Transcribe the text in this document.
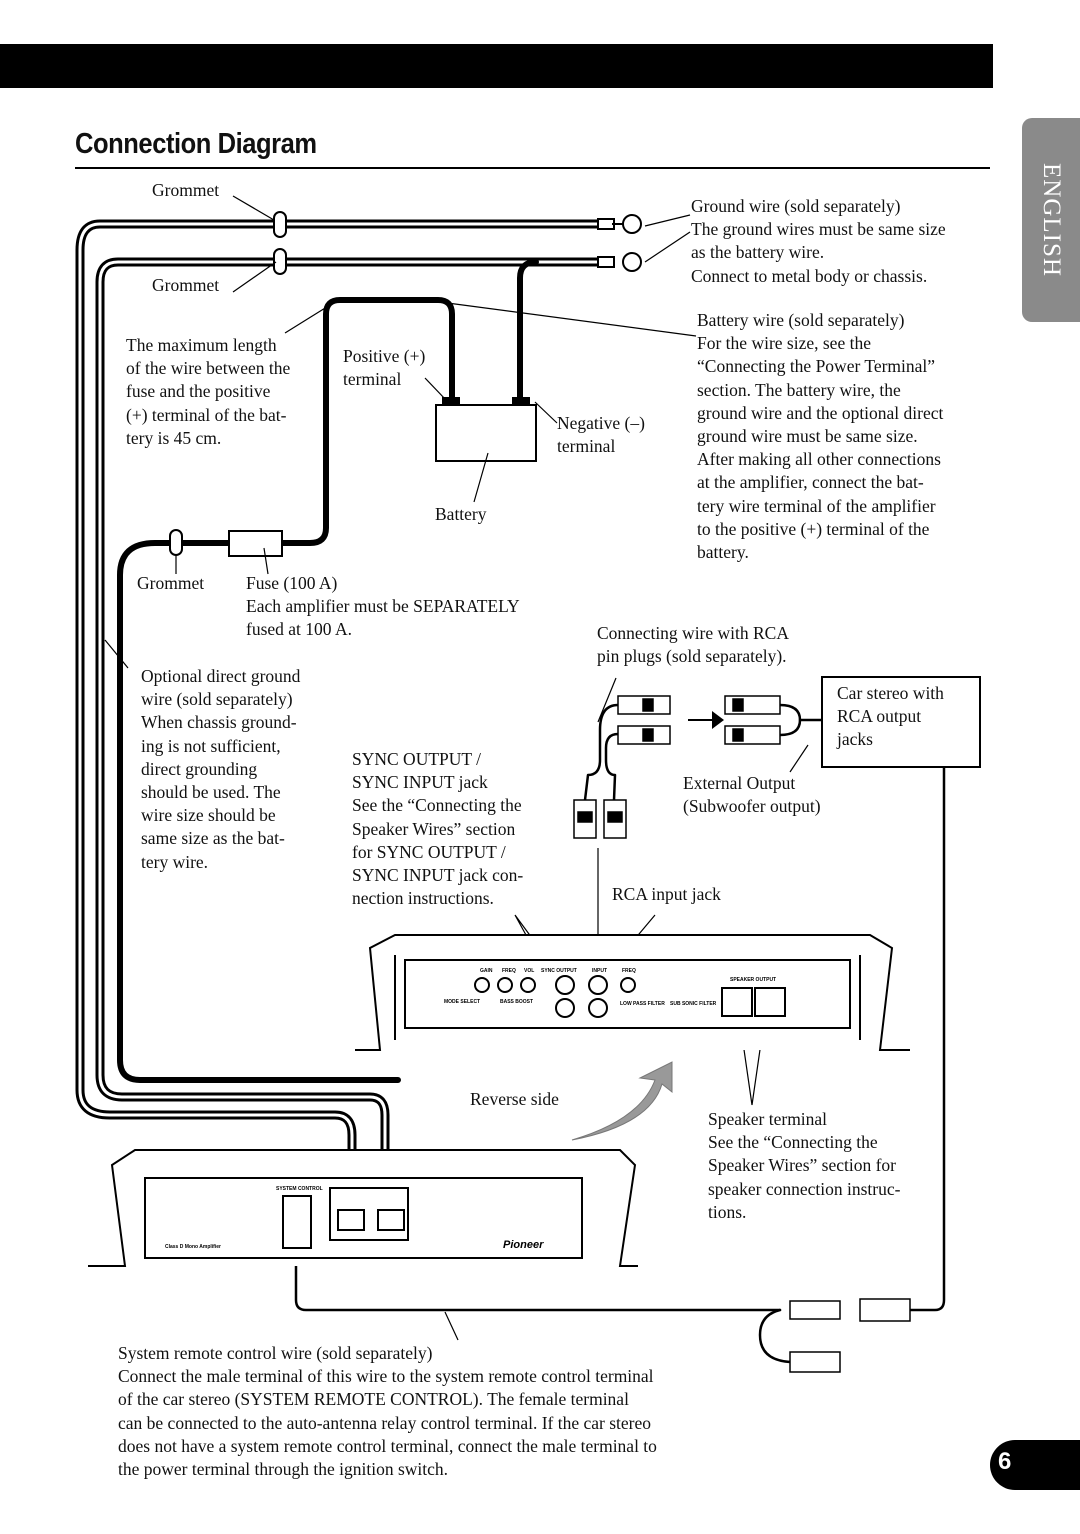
Connection Diagram
ENGLISH
GAIN FREQ VOL SYNC OUTPUT	INPUT	FREQ
SPEAKER OUTPUT
LOW PASS FILTER SUB SONIC FILTER
BASS BOOST
MODE SELECT
Class D Mono Amplifier
SYSTEM CONTROL
Pioneer
Grommet
Grommet
Grommet
Ground wire (sold separately)
The ground wires must be same size
as the battery wire.
Connect to metal body or chassis.
Battery wire (sold separately)
For the wire size, see the
“Connecting the Power Terminal”
section. The battery wire, the
ground wire and the optional direct
ground wire must be same size.
After making all other connections
at the amplifier, connect the bat-
tery wire terminal of the amplifier
to the positive (+) terminal of the
battery.
The maximum length
of the wire between the
fuse and the positive
(+) terminal of the bat-
tery is 45 cm.
Positive (+)
terminal
Negative (–)
terminal
Battery
Fuse (100 A)
Each amplifier must be SEPARATELY
fused at 100 A.	Connecting wire with RCA
pin plugs (sold separately).
Car stereo with
RCA output
jacks
Optional direct ground
wire (sold separately)
When chassis ground-
ing is not sufficient,
direct grounding
should be used. The
wire size should be
same size as the bat-
tery wire.
SYNC OUTPUT /
SYNC INPUT jack
See the “Connecting the
Speaker Wires” section
for SYNC OUTPUT /
SYNC INPUT jack con-
nection instructions.
External Output
(Subwoofer output)
RCA input jack
Reverse side
Speaker terminal
See the “Connecting the
Speaker Wires” section for
speaker connection instruc-
tions.
System remote control wire (sold separately)
Connect the male terminal of this wire to the system remote control terminal
of the car stereo (SYSTEM REMOTE CONTROL). The female terminal
can be connected to the auto-antenna relay control terminal. If the car stereo
does not have a system remote control terminal, connect the male terminal to
the power terminal through the ignition switch.	6
